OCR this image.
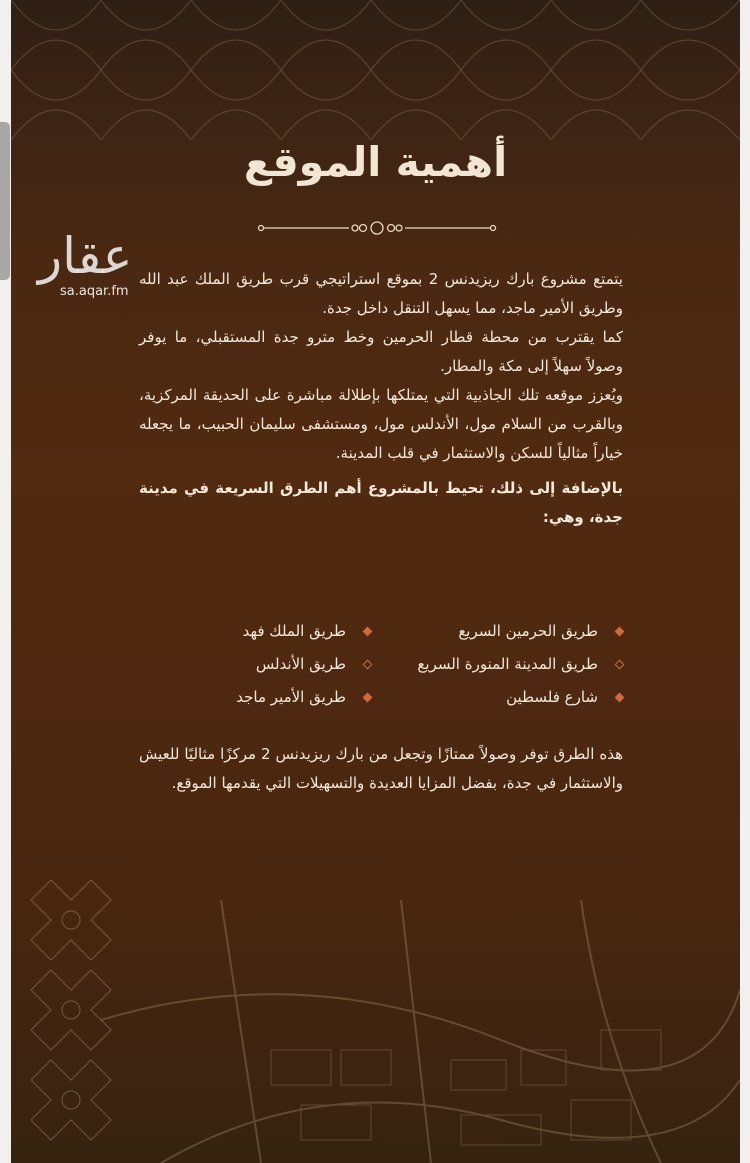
أهمية الموقع

يتمتع مشروع بارك ريزيدنس 2 بموقع استراتيجي قرب طريق الملك عبد الله وطريق الأمير ماجد، مما يسهل التنقل داخل جدة.

كما يقترب من محطة قطار الحرمين وخط مترو جدة المستقبلي، ما يوفر وصولاً سهلاً إلى مكة والمطار.

ويُعزز موقعه تلك الجاذبية التي يمتلكها بإطلالة مباشرة على الحديقة المركزية، وبالقرب من السلام مول، الأندلس مول، ومستشفى سليمان الحبيب، ما يجعله خياراً مثالياً للسكن والاستثمار في قلب المدينة.

بالإضافة إلى ذلك، تحيط بالمشروع أهم الطرق السريعة في مدينة جدة، وهي:

طريق الحرمين السريع
طريق الملك فهد
طريق المدينة المنورة السريع
طريق الأندلس
شارع فلسطين
طريق الأمير ماجد

هذه الطرق توفر وصولاً ممتازًا وتجعل من بارك ريزيدنس 2 مركزًا مثاليًا للعيش والاستثمار في جدة، بفضل المزايا العديدة والتسهيلات التي يقدمها الموقع.

عقار
sa.aqar.fm
